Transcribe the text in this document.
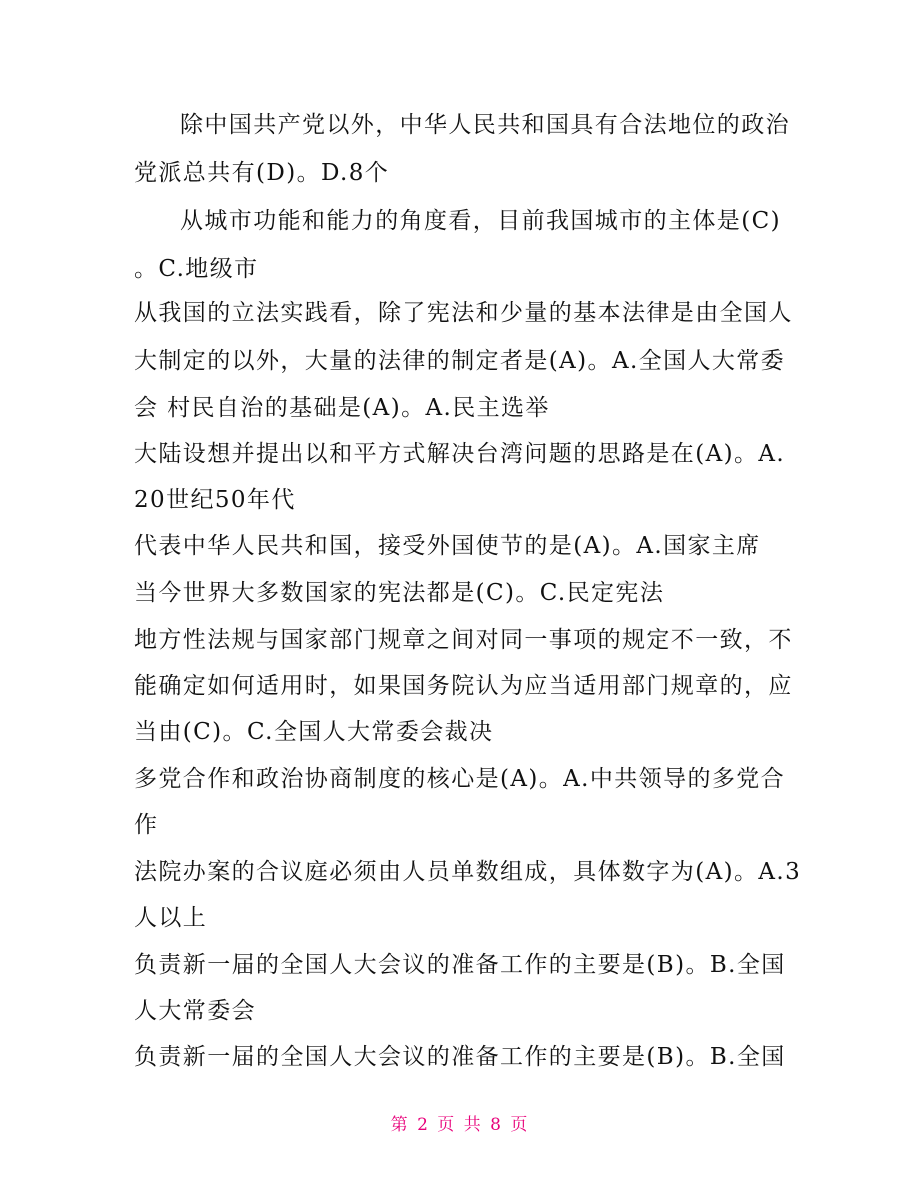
除中国共产党以外，中华人民共和国具有合法地位的政治
党派总共有(D)。D.8个
从城市功能和能力的角度看，目前我国城市的主体是(C)
。C.地级市
从我国的立法实践看，除了宪法和少量的基本法律是由全国人
大制定的以外，大量的法律的制定者是(A)。A.全国人大常委
会 村民自治的基础是(A)。A.民主选举
大陆设想并提出以和平方式解决台湾问题的思路是在(A)。A.
20世纪50年代
代表中华人民共和国，接受外国使节的是(A)。A.国家主席
当今世界大多数国家的宪法都是(C)。C.民定宪法
地方性法规与国家部门规章之间对同一事项的规定不一致，不
能确定如何适用时，如果国务院认为应当适用部门规章的，应
当由(C)。C.全国人大常委会裁决
多党合作和政治协商制度的核心是(A)。A.中共领导的多党合
作
法院办案的合议庭必须由人员单数组成，具体数字为(A)。A.3
人以上
负责新一届的全国人大会议的准备工作的主要是(B)。B.全国
人大常委会
负责新一届的全国人大会议的准备工作的主要是(B)。B.全国
第 2 页 共 8 页
